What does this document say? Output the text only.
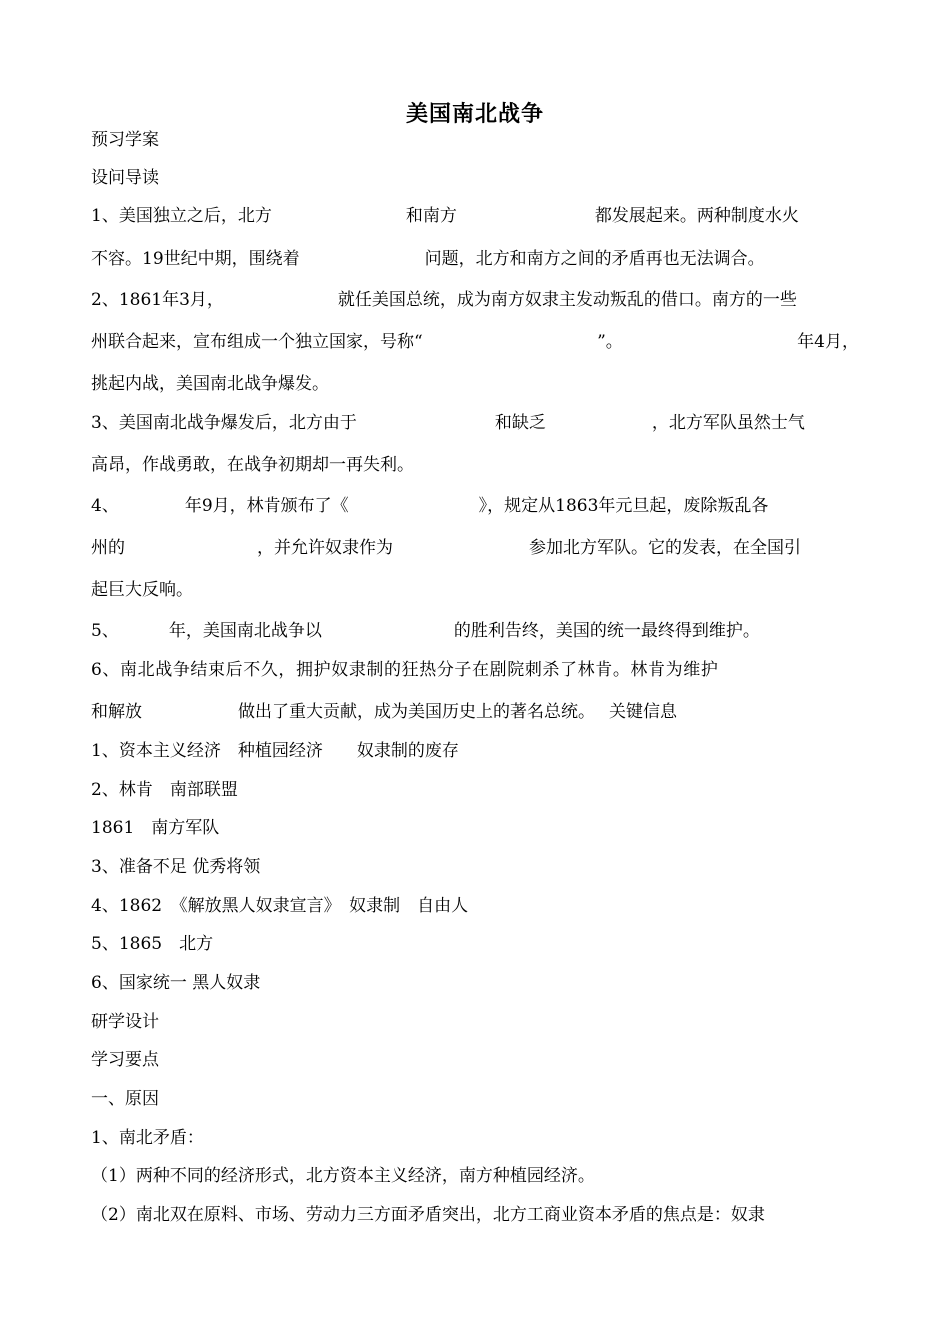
美国南北战争
预习学案
设问导读
1、美国独立之后，北方	和南方	都发展起来。两种制度水火
不容。19世纪中期，围绕着	问题，北方和南方之间的矛盾再也无法调合。
2、1861年3月，	就任美国总统，成为南方奴隶主发动叛乱的借口。南方的一些
州联合起来，宣布组成一个独立国家，号称“	”。	年4月，
挑起内战，美国南北战争爆发。
3、美国南北战争爆发后，北方由于	和缺乏	，北方军队虽然士气
高昂，作战勇敢，在战争初期却一再失利。
4、	年9月，林肯颁布了《	》，规定从1863年元旦起，废除叛乱各
州的	，并允许奴隶作为	参加北方军队。它的发表，在全国引
起巨大反响。
5、	年，美国南北战争以	的胜利告终，美国的统一最终得到维护。
6、南北战争结束后不久，拥护奴隶制的狂热分子在剧院刺杀了林肯。林肯为维护
和解放	做出了重大贡献，成为美国历史上的著名总统。 关键信息
1、资本主义经济　种植园经济　　奴隶制的废存
2、林肯　南部联盟
1861　南方军队
3、准备不足 优秀将领
4、1862　《解放黑人奴隶宣言》　奴隶制　自由人
5、1865　北方
6、国家统一 黑人奴隶
研学设计
学习要点
一、原因
1、南北矛盾：
（1）两种不同的经济形式，北方资本主义经济，南方种植园经济。
（2）南北双在原料、市场、劳动力三方面矛盾突出，北方工商业资本矛盾的焦点是：奴隶
